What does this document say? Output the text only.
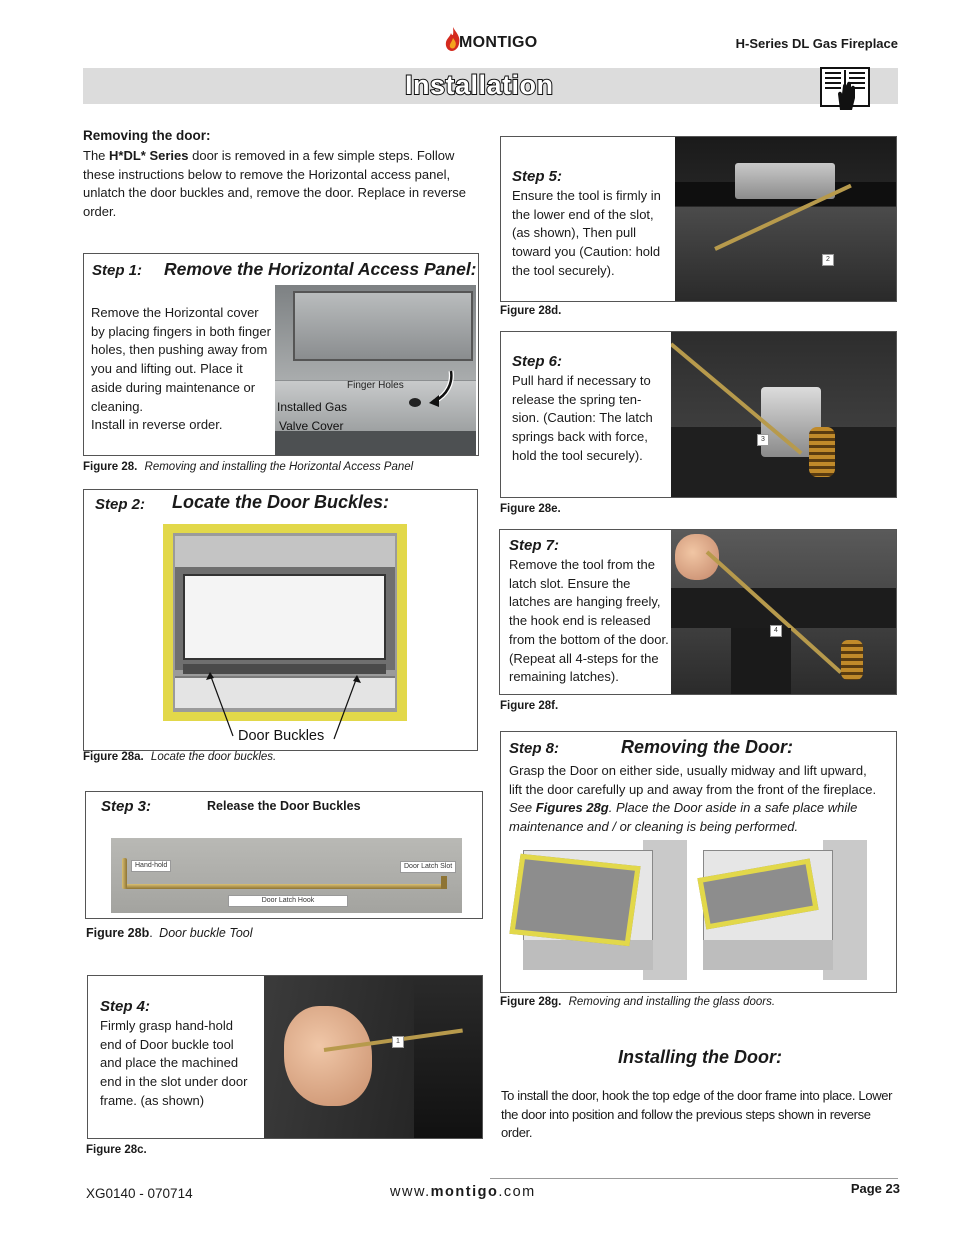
MONTIGO	H-Series DL Gas Fireplace
Installation
Removing the door:
The H*DL* Series door is removed in a few simple steps. Follow these instructions below to remove the Horizontal access panel, unlatch the door buckles and, remove the door. Replace in reverse order.
Step 1: Remove the Horizontal Access Panel:
Remove the Horizontal cover by placing fingers in both finger holes, then pushing away from you and lifting out. Place it aside during maintenance or cleaning.
Install in reverse order.
Finger Holes
Installed Gas
Valve Cover
Figure 28. Removing and installing the Horizontal Access Panel
Step 2: Locate the Door Buckles:
Door Buckles
Figure 28a. Locate the door buckles.
Step 3:	Release the Door Buckles
Hand-hold	Door Latch Slot
Door Latch Hook
Figure 28b. Door buckle Tool
Step 4:
Firmly grasp hand-hold end of Door buckle tool and place the machined end in the slot under door frame. (as shown)
1
Figure 28c.
Step 5:
Ensure the tool is firmly in the lower end of the slot, (as shown), Then pull toward you (Caution: hold the tool securely).
2
Figure 28d.
Step 6:
Pull hard if necessary to release the spring ten-sion. (Caution: The latch springs back with force, hold the tool securely).
3
Figure 28e.
Step 7:
Remove the tool from the latch slot. Ensure the latches are hanging freely, the hook end is released from the bottom of the door. (Repeat all 4-steps for the remaining latches).
4
Figure 28f.
Step 8:	Removing the Door:
Grasp the Door on either side, usually midway and lift upward, lift the door carefully up and away from the front of the fireplace. See Figures 28g. Place the Door aside in a safe place while maintenance and / or cleaning is being performed.
Figure 28g. Removing and installing the glass doors.
Installing the Door:
To install the door, hook the top edge of the door frame into place. Lower the door into position and follow the previous steps shown in reverse order.
XG0140 - 070714	www.montigo.com	Page 23
